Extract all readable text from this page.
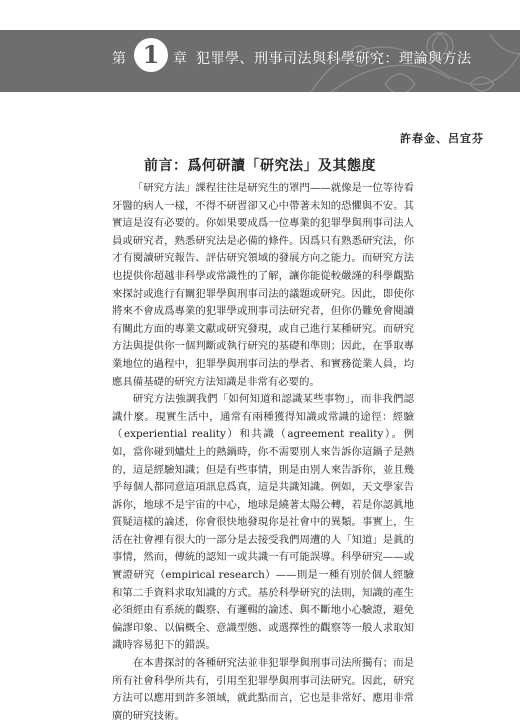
第 1 章 犯罪學、刑事司法與科學研究：理論與方法
許春金、呂宜芬
前言：爲何研讀「研究法」及其態度

「研究方法」課程往往是研究生的罩門——就像是一位等待看牙醫的病人一樣，不得不研習卻又心中帶著未知的恐懼與不安。其實這是沒有必要的。你如果要成爲一位專業的犯罪學與刑事司法人員或研究者，熟悉研究法是必備的條件。因爲只有熟悉研究法，你才有閱讀研究報告、評估研究領域的發展方向之能力。而研究方法也提供你超越非科學或常識性的了解，讓你能從較嚴謹的科學觀點來探討或進行有關犯罪學與刑事司法的議題或研究。因此，即使你將來不會成爲專業的犯罪學或刑事司法研究者，但你仍難免會閱讀有關此方面的專業文獻或研究發現，或自己進行某種研究。而研究方法與提供你一個判斷或執行研究的基礎和準則；因此，在爭取專業地位的過程中，犯罪學與刑事司法的學者、和實務從業人員，均應具備基礎的研究方法知識是非常有必要的。

研究方法強調我們「如何知道和認識某些事物」，而非我們認識什麼。現實生活中，通常有兩種獲得知識或常識的途徑：經驗（experiential reality）和共識（agreement reality）。例如，當你碰到爐灶上的熱鍋時，你不需要別人來告訴你這鍋子是熱的，這是經驗知識；但是有些事情，則是由別人來告訴你，並且幾乎每個人都同意這項訊息爲真，這是共識知識。例如，天文學家告訴你，地球不是宇宙的中心，地球是繞著太陽公轉，若是你認眞地質疑這樣的論述，你會很快地發現你是社會中的異類。事實上，生活在社會裡有很大的一部分是去接受我們周遭的人「知道」是眞的事情，然而，傳統的認知一或共識一有可能誤導。科學研究——或實證研究（empirical research）——則是一種有別於個人經驗和第二手資料求取知識的方式。基於科學研究的法則，知識的產生必須經由有系統的觀察、有邏輯的論述、與不斷地小心驗證，避免偏謬印象、以偏概全、意識型態、或選擇性的觀察等一般人求取知識時容易犯下的錯誤。

在本書探討的各種研究法並非犯罪學與刑事司法所獨有；而是所有社會科學所共有，引用至犯罪學與刑事司法研究。因此，研究方法可以應用到許多領域，就此點而言，它也是非常好、應用非常廣的研究技術。
